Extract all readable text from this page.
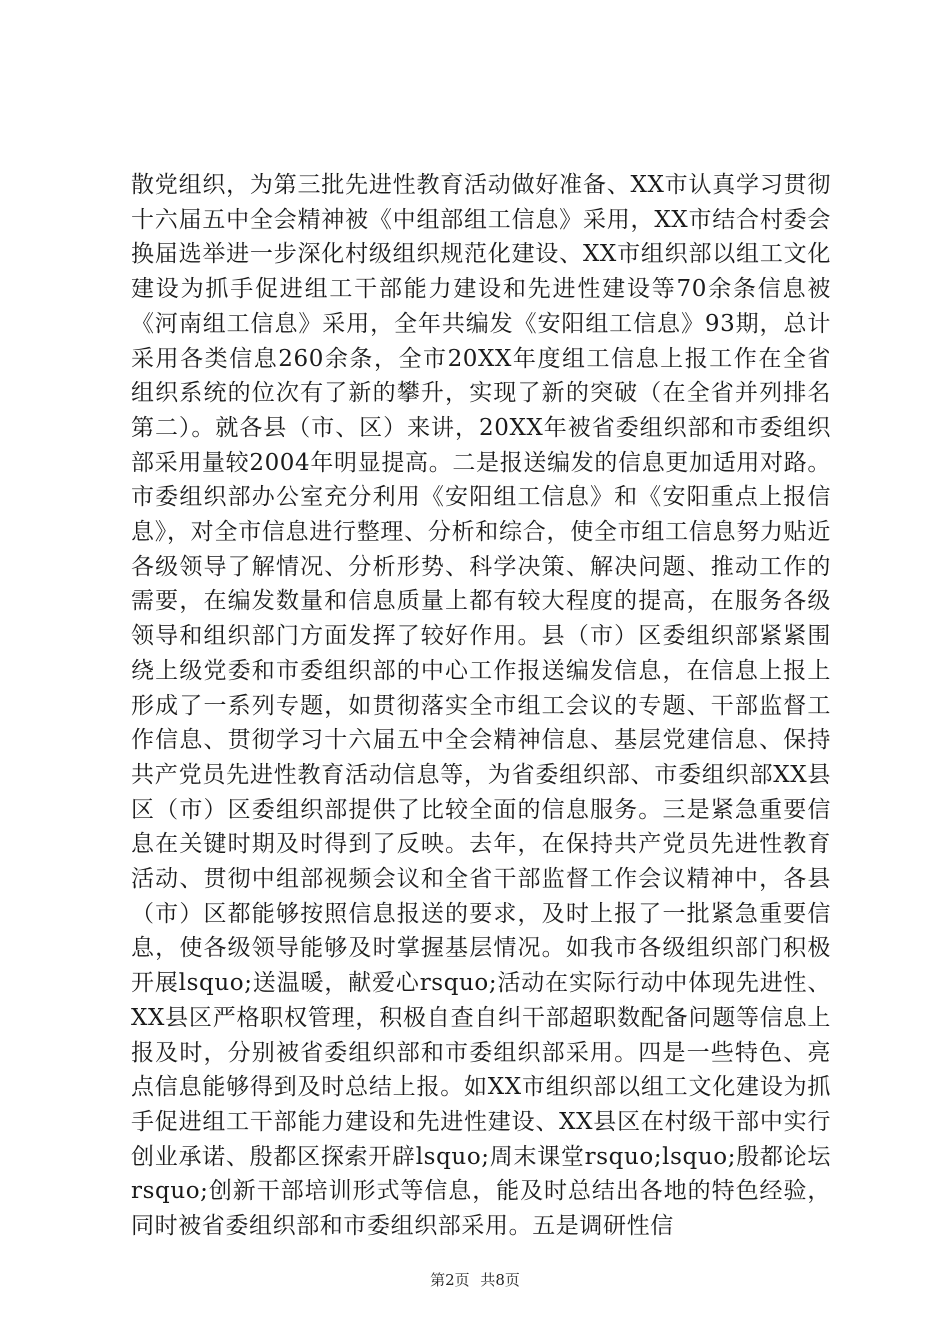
散党组织，为第三批先进性教育活动做好准备、XX市认真学习贯彻十六届五中全会精神被《中组部组工信息》采用，XX市结合村委会换届选举进一步深化村级组织规范化建设、XX市组织部以组工文化建设为抓手促进组工干部能力建设和先进性建设等70余条信息被《河南组工信息》采用，全年共编发《安阳组工信息》93期，总计采用各类信息260余条，全市20XX年度组工信息上报工作在全省组织系统的位次有了新的攀升，实现了新的突破（在全省并列排名第二）。就各县（市、区）来讲，20XX年被省委组织部和市委组织部采用量较2004年明显提高。二是报送编发的信息更加适用对路。市委组织部办公室充分利用《安阳组工信息》和《安阳重点上报信息》，对全市信息进行整理、分析和综合，使全市组工信息努力贴近各级领导了解情况、分析形势、科学决策、解决问题、推动工作的需要，在编发数量和信息质量上都有较大程度的提高，在服务各级领导和组织部门方面发挥了较好作用。县（市）区委组织部紧紧围绕上级党委和市委组织部的中心工作报送编发信息，在信息上报上形成了一系列专题，如贯彻落实全市组工会议的专题、干部监督工作信息、贯彻学习十六届五中全会精神信息、基层党建信息、保持共产党员先进性教育活动信息等，为省委组织部、市委组织部XX县区（市）区委组织部提供了比较全面的信息服务。三是紧急重要信息在关键时期及时得到了反映。去年，在保持共产党员先进性教育活动、贯彻中组部视频会议和全省干部监督工作会议精神中，各县（市）区都能够按照信息报送的要求，及时上报了一批紧急重要信息，使各级领导能够及时掌握基层情况。如我市各级组织部门积极开展lsquo;送温暖，献爱心rsquo;活动在实际行动中体现先进性、XX县区严格职权管理，积极自查自纠干部超职数配备问题等信息上报及时，分别被省委组织部和市委组织部采用。四是一些特色、亮点信息能够得到及时总结上报。如XX市组织部以组工文化建设为抓手促进组工干部能力建设和先进性建设、XX县区在村级干部中实行创业承诺、殷都区探索开辟lsquo;周末课堂rsquo;lsquo;殷都论坛rsquo;创新干部培训形式等信息，能及时总结出各地的特色经验，同时被省委组织部和市委组织部采用。五是调研性信

第2页 共8页
